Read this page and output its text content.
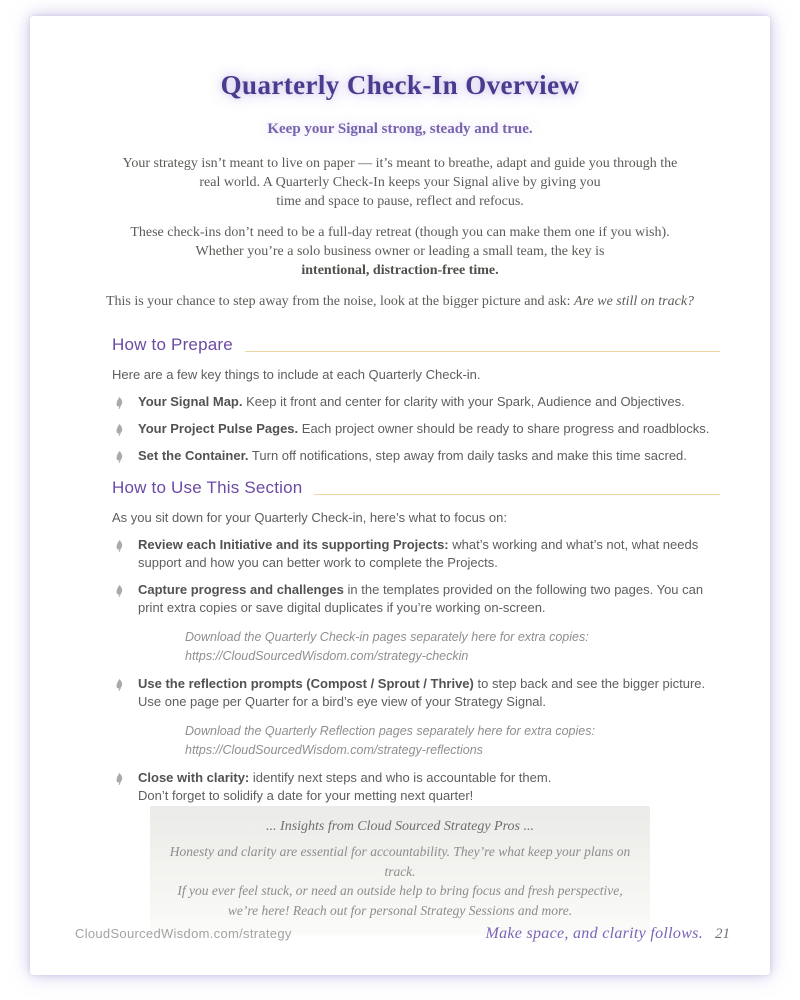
Quarterly Check-In Overview
Keep your Signal strong, steady and true.

Your strategy isn’t meant to live on paper — it’s meant to breathe, adapt and guide you through the
real world. A Quarterly Check-In keeps your Signal alive by giving you
time and space to pause, reflect and refocus.

These check-ins don’t need to be a full-day retreat (though you can make them one if you wish).
Whether you’re a solo business owner or leading a small team, the key is
intentional, distraction-free time.

This is your chance to step away from the noise, look at the bigger picture and ask: Are we still on track?

How to Prepare

Here are a few key things to include at each Quarterly Check-in.

Your Signal Map. Keep it front and center for clarity with your Spark, Audience and Objectives.
Your Project Pulse Pages. Each project owner should be ready to share progress and roadblocks.
Set the Container. Turn off notifications, step away from daily tasks and make this time sacred.
How to Use This Section

As you sit down for your Quarterly Check-in, here’s what to focus on:

Review each Initiative and its supporting Projects: what’s working and what’s not, what needs support and how you can better work to complete the Projects.
Capture progress and challenges in the templates provided on the following two pages. You can print extra copies or save digital duplicates if you’re working on-screen.
Download the Quarterly Check-in pages separately here for extra copies:
https://CloudSourcedWisdom.com/strategy-checkin
Use the reflection prompts (Compost / Sprout / Thrive) to step back and see the bigger picture.
Use one page per Quarter for a bird’s eye view of your Strategy Signal.
Download the Quarterly Reflection pages separately here for extra copies:
https://CloudSourcedWisdom.com/strategy-reflections
Close with clarity: identify next steps and who is accountable for them.
Don’t forget to solidify a date for your metting next quarter!
... Insights from Cloud Sourced Strategy Pros ...
Honesty and clarity are essential for accountability. They’re what keep your plans on track.
If you ever feel stuck, or need an outside help to bring focus and fresh perspective,
we’re here! Reach out for personal Strategy Sessions and more.
CloudSourcedWisdom.com/strategy	Make space, and clarity follows. 21
